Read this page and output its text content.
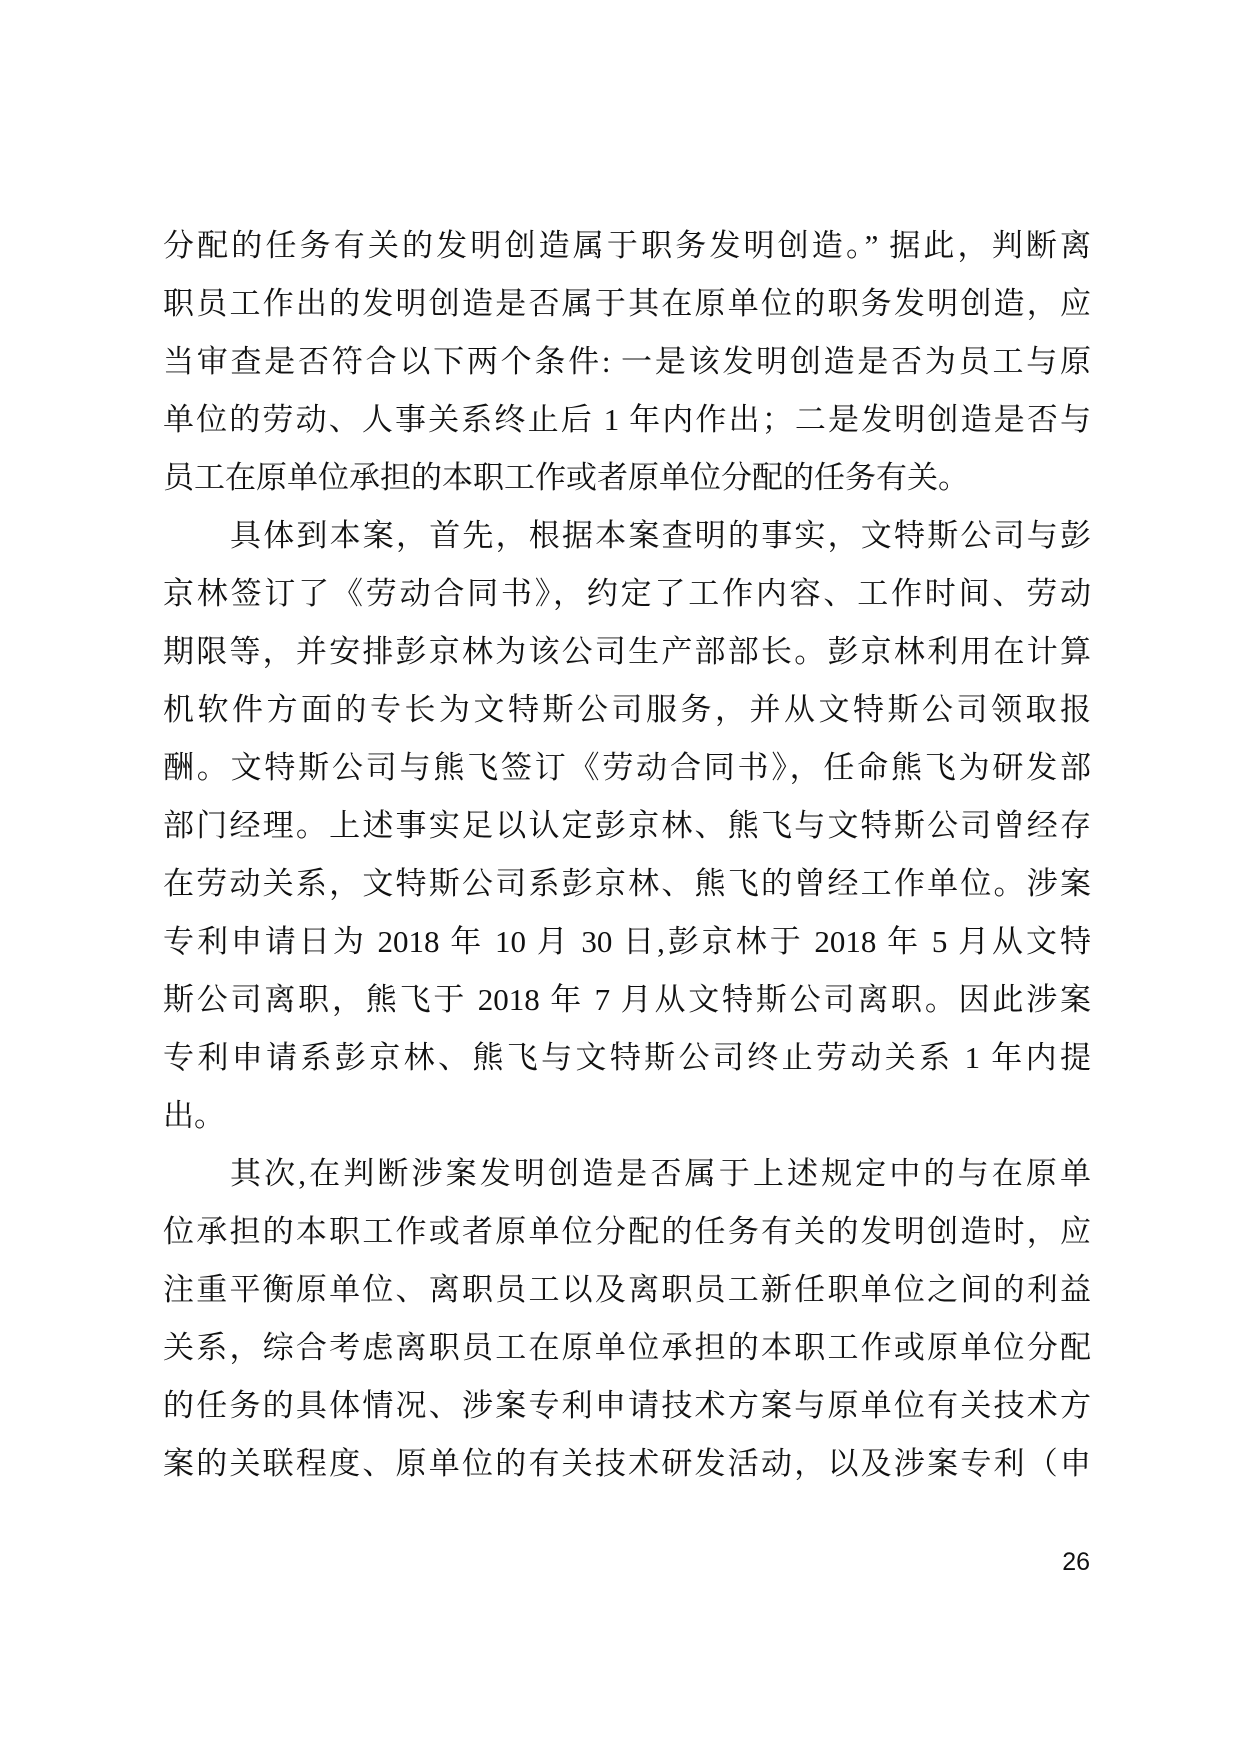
分配的任务有关的发明创造属于职务发明创造。” 据此，判断离
职员工作出的发明创造是否属于其在原单位的职务发明创造，应
当审查是否符合以下两个条件: 一是该发明创造是否为员工与原
单位的劳动、人事关系终止后 1 年内作出；二是发明创造是否与
员工在原单位承担的本职工作或者原单位分配的任务有关。
具体到本案，首先，根据本案查明的事实，文特斯公司与彭
京林签订了《劳动合同书》，约定了工作内容、工作时间、劳动
期限等，并安排彭京林为该公司生产部部长。彭京林利用在计算
机软件方面的专长为文特斯公司服务，并从文特斯公司领取报
酬。文特斯公司与熊飞签订《劳动合同书》，任命熊飞为研发部
部门经理。上述事实足以认定彭京林、熊飞与文特斯公司曾经存
在劳动关系，文特斯公司系彭京林、熊飞的曾经工作单位。涉案
专利申请日为 2018 年 10 月 30 日,彭京林于 2018 年 5 月从文特
斯公司离职，熊飞于 2018 年 7 月从文特斯公司离职。因此涉案
专利申请系彭京林、熊飞与文特斯公司终止劳动关系 1 年内提
出。
其次,在判断涉案发明创造是否属于上述规定中的与在原单
位承担的本职工作或者原单位分配的任务有关的发明创造时，应
注重平衡原单位、离职员工以及离职员工新任职单位之间的利益
关系，综合考虑离职员工在原单位承担的本职工作或原单位分配
的任务的具体情况、涉案专利申请技术方案与原单位有关技术方
案的关联程度、原单位的有关技术研发活动，以及涉案专利（申
26
